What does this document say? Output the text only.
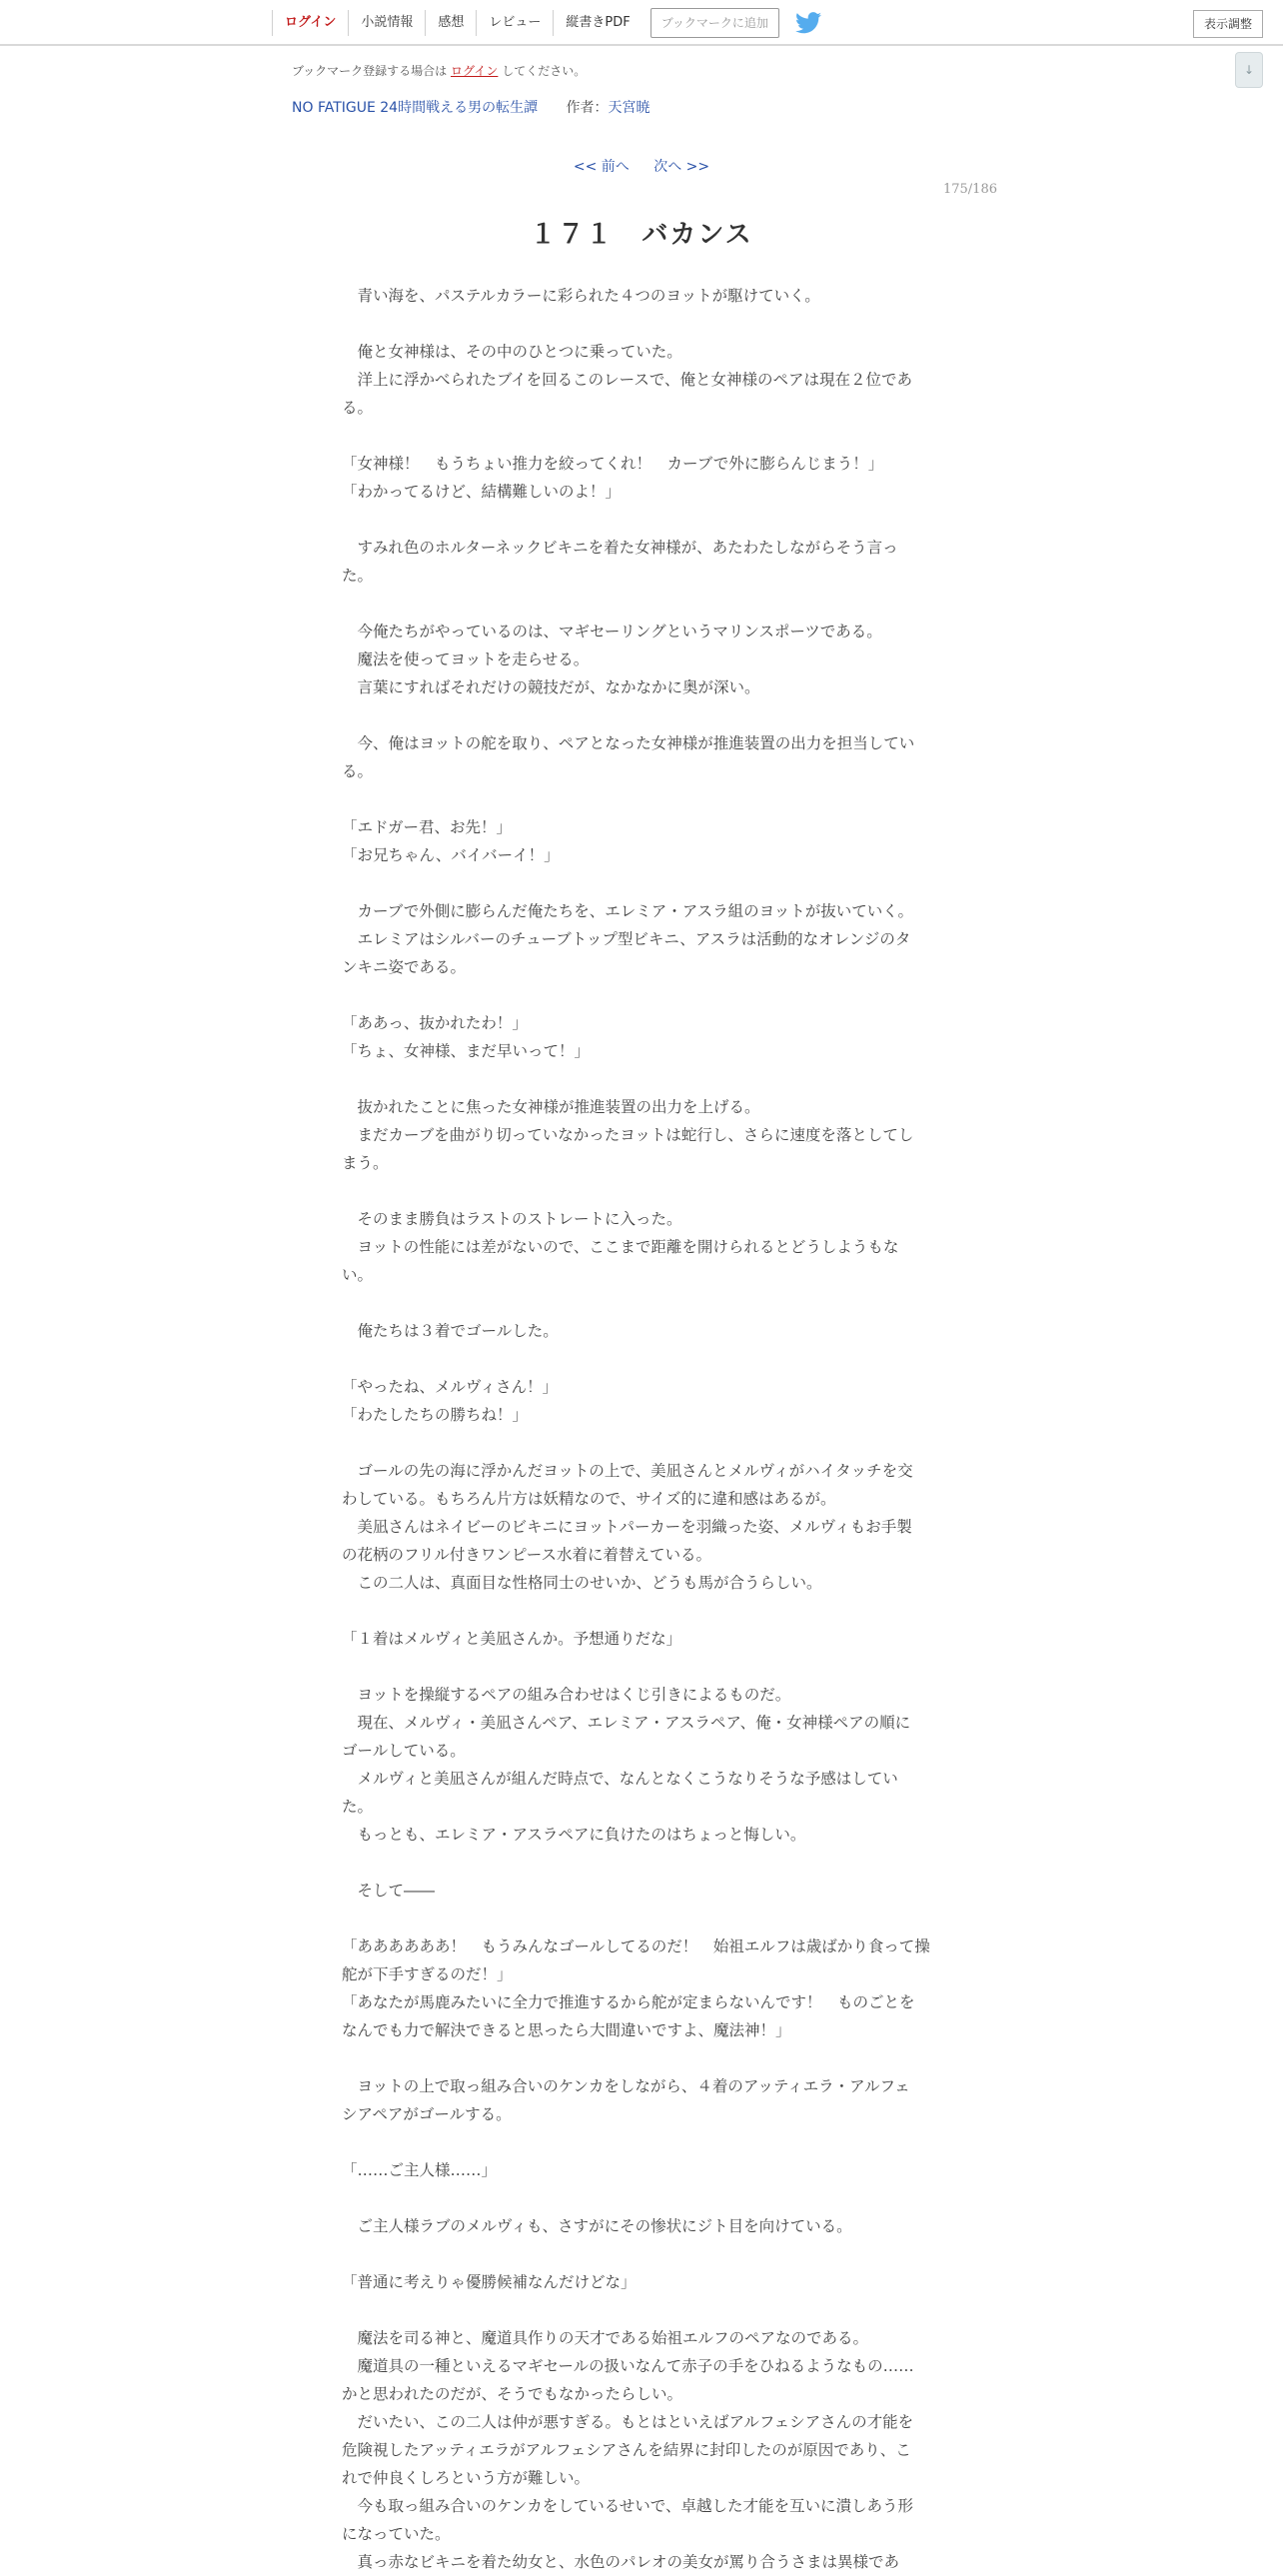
ログイン	小説情報	感想	レビュー	縦書きPDF	ブックマークに追加	表示調整
↓
ブックマーク登録する場合は ログイン してください。
NO FATIGUE 24時間戦える男の転生譚 作者：天宮暁
<< 前へ 次へ >>
175/186
１７１　バカンス

　青い海を、パステルカラーに彩られた４つのヨットが駆けていく。

　俺と女神様は、その中のひとつに乗っていた。

　洋上に浮かべられたブイを回るこのレースで、俺と女神様のペアは現在２位であ

る。

「女神様！　もうちょい推力を絞ってくれ！　カーブで外に膨らんじまう！」

「わかってるけど、結構難しいのよ！」

　すみれ色のホルターネックビキニを着た女神様が、あたわたしながらそう言っ

た。

　今俺たちがやっているのは、マギセーリングというマリンスポーツである。

　魔法を使ってヨットを走らせる。

　言葉にすればそれだけの競技だが、なかなかに奥が深い。

　今、俺はヨットの舵を取り、ペアとなった女神様が推進装置の出力を担当してい

る。

「エドガー君、お先！」

「お兄ちゃん、バイバーイ！」

　カーブで外側に膨らんだ俺たちを、エレミア・アスラ組のヨットが抜いていく。

　エレミアはシルバーのチューブトップ型ビキニ、アスラは活動的なオレンジのタ

ンキニ姿である。

「ああっ、抜かれたわ！」

「ちょ、女神様、まだ早いって！」

　抜かれたことに焦った女神様が推進装置の出力を上げる。

　まだカーブを曲がり切っていなかったヨットは蛇行し、さらに速度を落としてし

まう。

　そのまま勝負はラストのストレートに入った。

　ヨットの性能には差がないので、ここまで距離を開けられるとどうしようもな

い。

　俺たちは３着でゴールした。

「やったね、メルヴィさん！」

「わたしたちの勝ちね！」

　ゴールの先の海に浮かんだヨットの上で、美凪さんとメルヴィがハイタッチを交

わしている。もちろん片方は妖精なので、サイズ的に違和感はあるが。

　美凪さんはネイビーのビキニにヨットパーカーを羽織った姿、メルヴィもお手製

の花柄のフリル付きワンピース水着に着替えている。

　この二人は、真面目な性格同士のせいか、どうも馬が合うらしい。

「１着はメルヴィと美凪さんか。予想通りだな」

　ヨットを操縦するペアの組み合わせはくじ引きによるものだ。

　現在、メルヴィ・美凪さんペア、エレミア・アスラペア、俺・女神様ペアの順に

ゴールしている。

　メルヴィと美凪さんが組んだ時点で、なんとなくこうなりそうな予感はしてい

た。

　もっとも、エレミア・アスラペアに負けたのはちょっと悔しい。

　そして――

「ああああああ！　もうみんなゴールしてるのだ！　始祖エルフは歳ばかり食って操

舵が下手すぎるのだ！」

「あなたが馬鹿みたいに全力で推進するから舵が定まらないんです！　ものごとを

なんでも力で解決できると思ったら大間違いですよ、魔法神！」

　ヨットの上で取っ組み合いのケンカをしながら、４着のアッティエラ・アルフェ

シアペアがゴールする。

「……ご主人様……」

　ご主人様ラブのメルヴィも、さすがにその惨状にジト目を向けている。

「普通に考えりゃ優勝候補なんだけどな」

　魔法を司る神と、魔道具作りの天才である始祖エルフのペアなのである。

　魔道具の一種といえるマギセールの扱いなんて赤子の手をひねるようなもの……

かと思われたのだが、そうでもなかったらしい。

　だいたい、この二人は仲が悪すぎる。もとはといえばアルフェシアさんの才能を

危険視したアッティエラがアルフェシアさんを結界に封印したのが原因であり、こ

れで仲良くしろという方が難しい。

　今も取っ組み合いのケンカをしているせいで、卓越した才能を互いに潰しあう形

になっていた。

　真っ赤なビキニを着た幼女と、水色のパレオの美女が罵り合うさまは異様であ
